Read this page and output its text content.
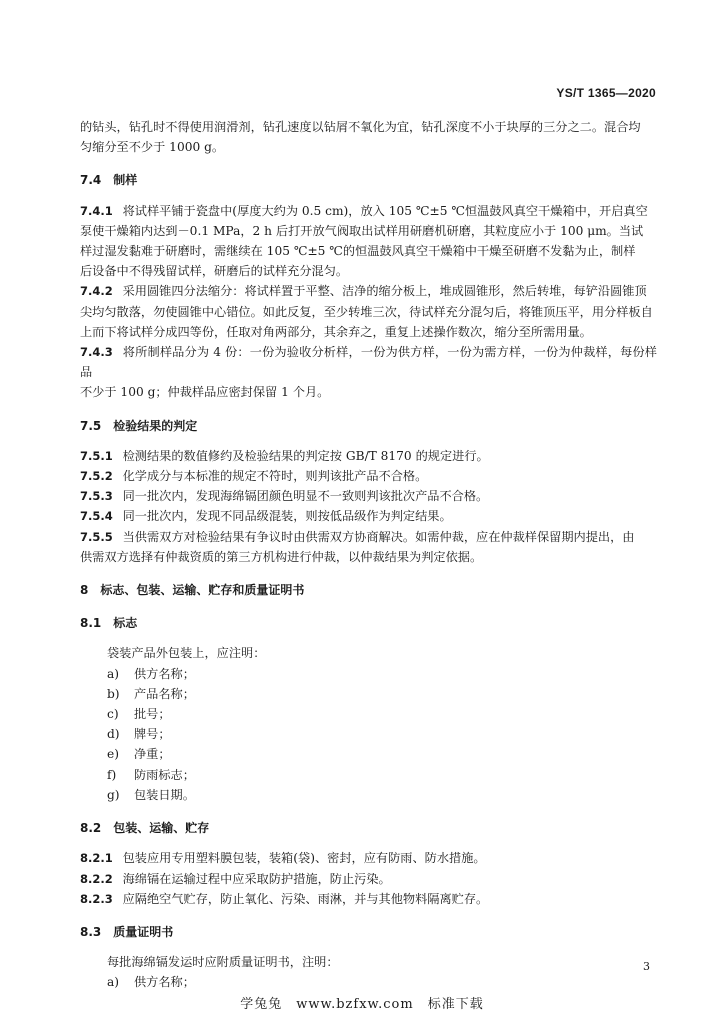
YS/T 1365—2020

的钻头，钻孔时不得使用润滑剂，钻孔速度以钻屑不氧化为宜，钻孔深度不小于块厚的三分之二。混合均

匀缩分至不少于 1000 g。

7.4　 制样

7.4.1 将试样平铺于瓷盘中(厚度大约为 0.5 cm)，放入 105 ℃±5 ℃恒温鼓风真空干燥箱中，开启真空

泵使干燥箱内达到－0.1 MPa，2 h 后打开放气阀取出试样用研磨机研磨，其粒度应小于 100 μm。当试

样过湿发黏难于研磨时，需继续在 105 ℃±5 ℃的恒温鼓风真空干燥箱中干燥至研磨不发黏为止，制样

后设备中不得残留试样，研磨后的试样充分混匀。

7.4.2 采用圆锥四分法缩分：将试样置于平整、洁净的缩分板上，堆成圆锥形，然后转堆，每铲沿圆锥顶

尖均匀散落，勿使圆锥中心错位。如此反复，至少转堆三次，待试样充分混匀后，将锥顶压平，用分样板自

上而下将试样分成四等份，任取对角两部分，其余弃之，重复上述操作数次，缩分至所需用量。

7.4.3 将所制样品分为 4 份：一份为验收分析样，一份为供方样，一份为需方样，一份为仲裁样，每份样品

不少于 100 g；仲裁样品应密封保留 1 个月。

7.5　 检验结果的判定

7.5.1 检测结果的数值修约及检验结果的判定按 GB/T 8170 的规定进行。

7.5.2 化学成分与本标准的规定不符时，则判该批产品不合格。

7.5.3 同一批次内，发现海绵镉团颜色明显不一致则判该批次产品不合格。

7.5.4 同一批次内，发现不同品级混装，则按低品级作为判定结果。

7.5.5 当供需双方对检验结果有争议时由供需双方协商解决。如需仲裁，应在仲裁样保留期内提出，由

供需双方选择有仲裁资质的第三方机构进行仲裁，以仲裁结果为判定依据。

8　 标志、包装、运输、贮存和质量证明书

8.1　 标志

袋装产品外包装上，应注明：

a) 供方名称；

b) 产品名称；

c) 批号；

d) 牌号；

e) 净重；

f) 防雨标志；

g) 包装日期。

8.2　 包装、运输、贮存

8.2.1 包装应用专用塑料膜包装，装箱(袋)、密封，应有防雨、防水措施。

8.2.2 海绵镉在运输过程中应采取防护措施，防止污染。

8.2.3 应隔绝空气贮存，防止氧化、污染、雨淋，并与其他物料隔离贮存。

8.3　 质量证明书

每批海绵镉发运时应附质量证明书，注明：

a) 供方名称；

3
学兔兔　www.bzfxw.com　标准下载
